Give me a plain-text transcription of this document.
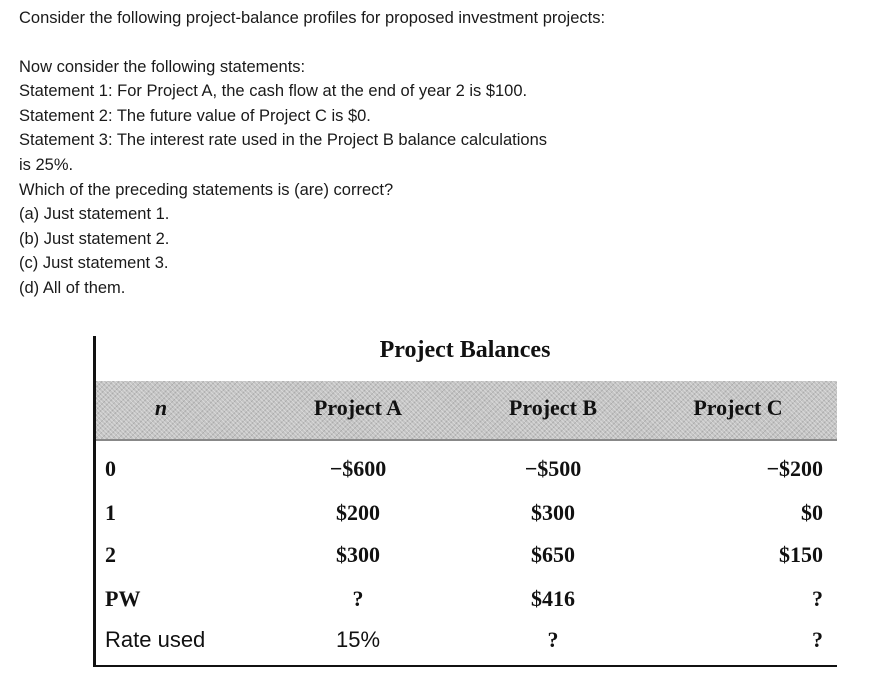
Consider the following project-balance profiles for proposed investment projects:
Now consider the following statements:
Statement 1: For Project A, the cash flow at the end of year 2 is $100.
Statement 2: The future value of Project C is $0.
Statement 3: The interest rate used in the Project B balance calculations
is 25%.
Which of the preceding statements is (are) correct?
(a) Just statement 1.
(b) Just statement 2.
(c) Just statement 3.
(d) All of them.
Project Balances
n	Project A	Project B	Project C
0	−$600	−$500	−$200
1	$200	$300	$0
2	$300	$650	$150
PW	?	$416	?
Rate used	15%	?	?
